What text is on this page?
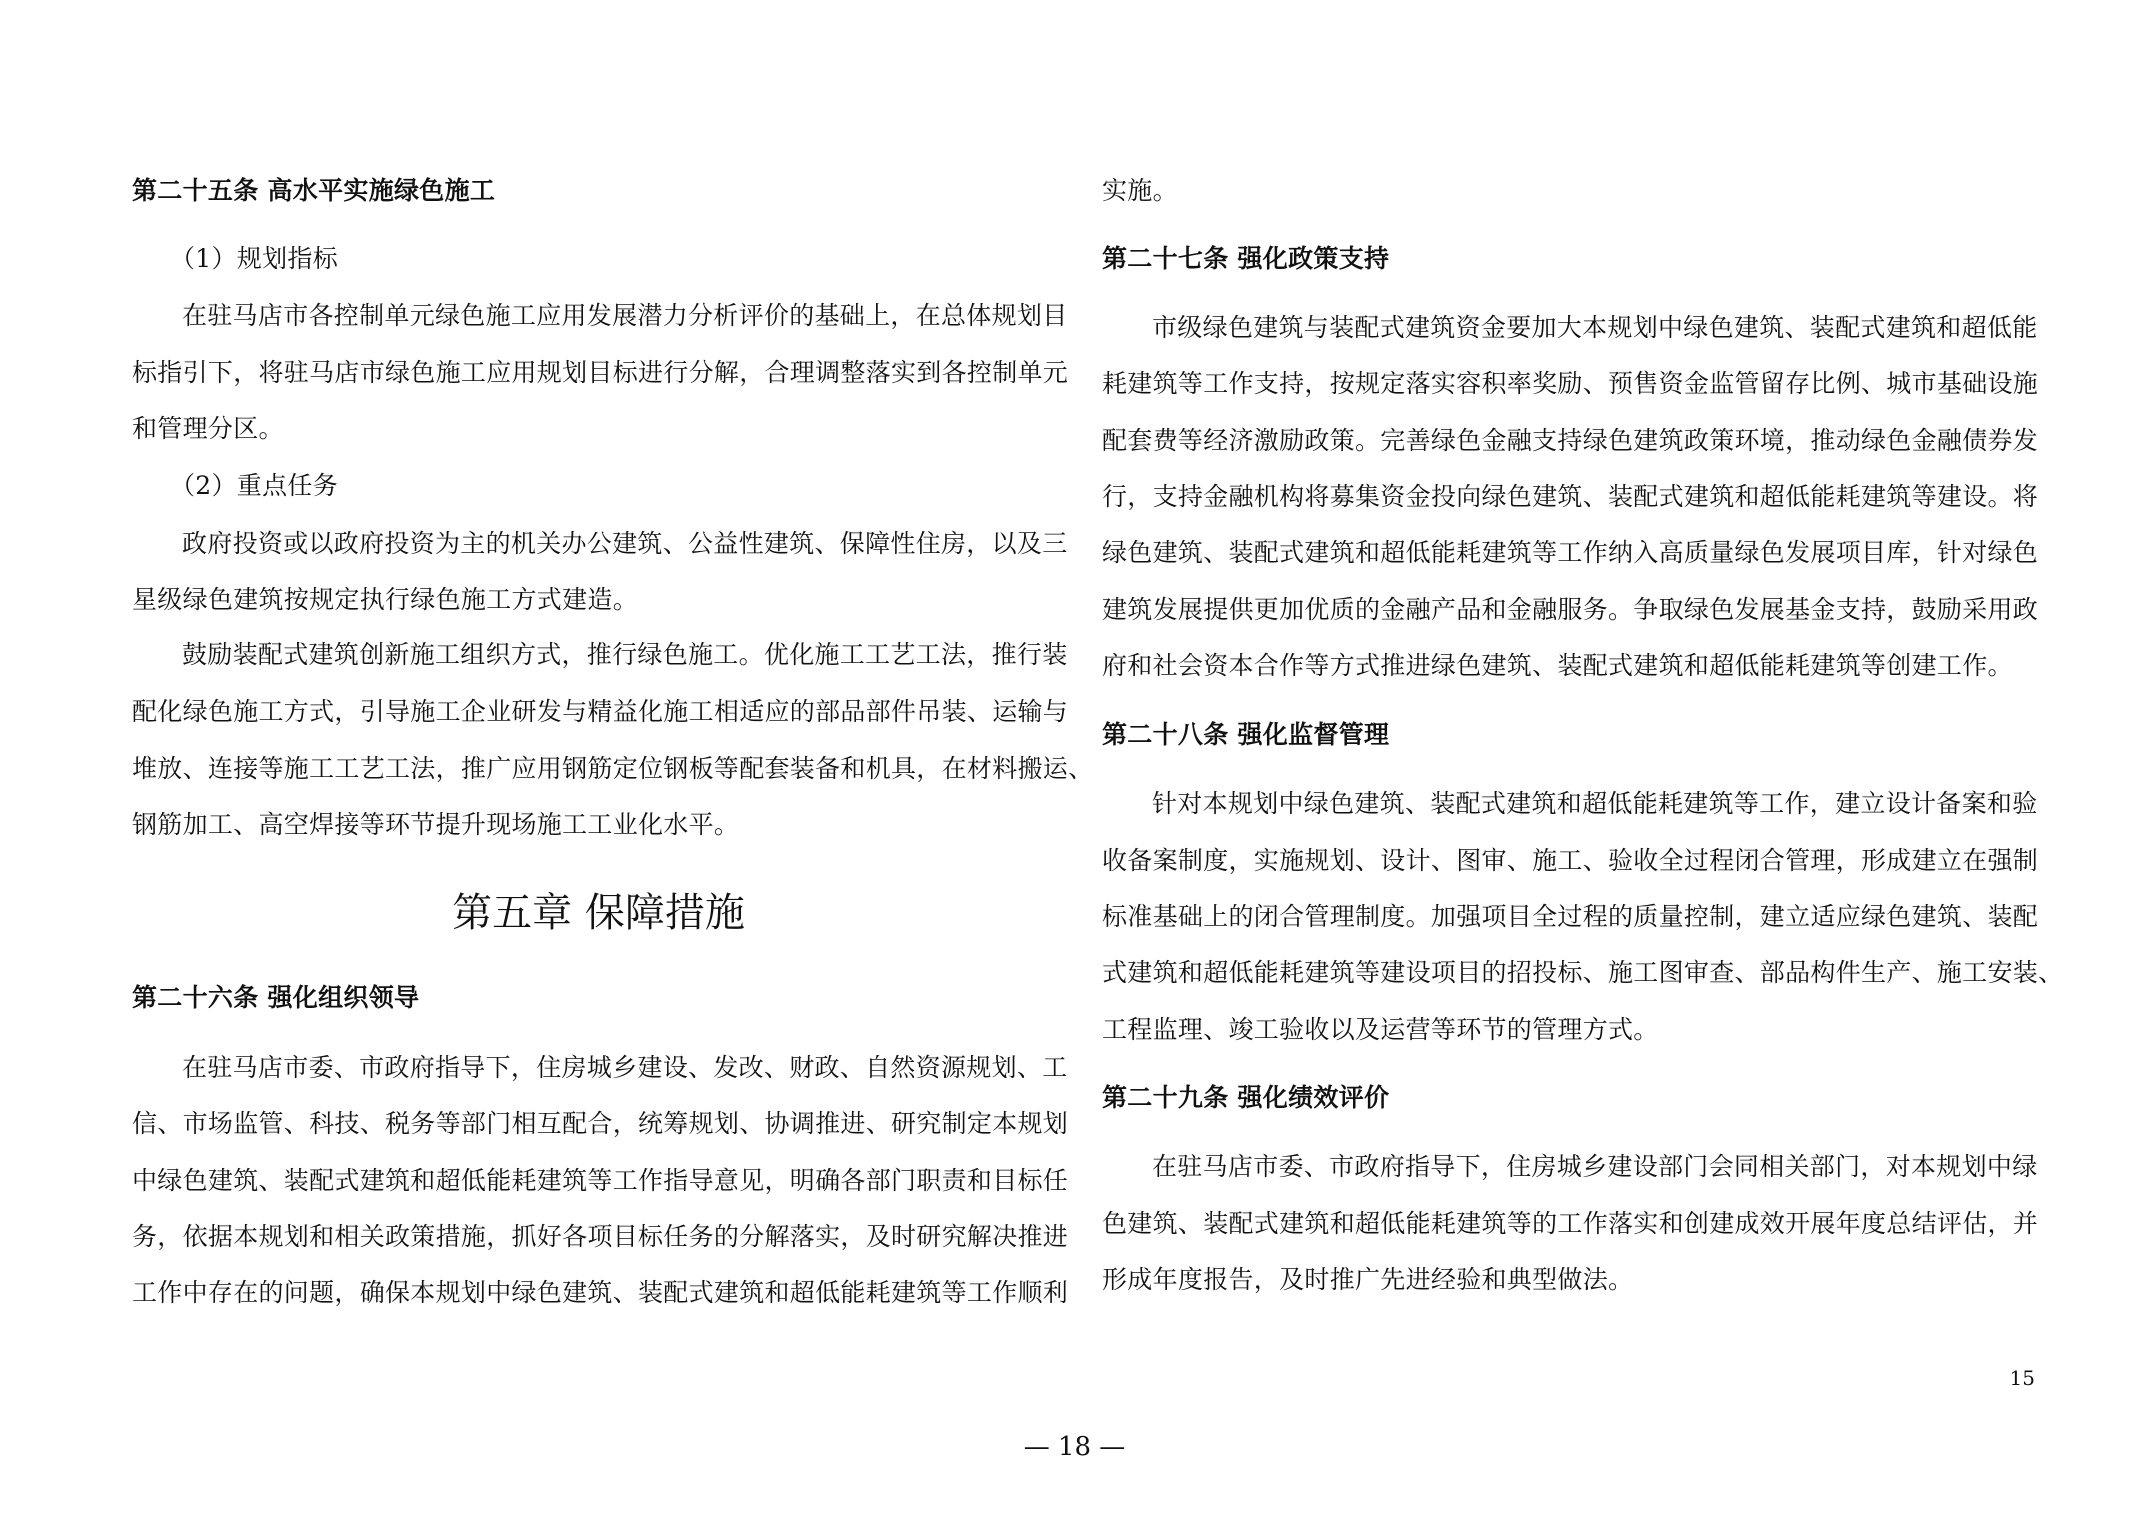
第二十五条 高水平实施绿色施工
（1）规划指标
在驻马店市各控制单元绿色施工应用发展潜力分析评价的基础上，在总体规划目
标指引下，将驻马店市绿色施工应用规划目标进行分解，合理调整落实到各控制单元
和管理分区。
（2）重点任务
政府投资或以政府投资为主的机关办公建筑、公益性建筑、保障性住房，以及三
星级绿色建筑按规定执行绿色施工方式建造。
鼓励装配式建筑创新施工组织方式，推行绿色施工。优化施工工艺工法，推行装
配化绿色施工方式，引导施工企业研发与精益化施工相适应的部品部件吊装、运输与
堆放、连接等施工工艺工法，推广应用钢筋定位钢板等配套装备和机具，在材料搬运、
钢筋加工、高空焊接等环节提升现场施工工业化水平。
第五章 保障措施
第二十六条 强化组织领导
在驻马店市委、市政府指导下，住房城乡建设、发改、财政、自然资源规划、工
信、市场监管、科技、税务等部门相互配合，统筹规划、协调推进、研究制定本规划
中绿色建筑、装配式建筑和超低能耗建筑等工作指导意见，明确各部门职责和目标任
务，依据本规划和相关政策措施，抓好各项目标任务的分解落实，及时研究解决推进
工作中存在的问题，确保本规划中绿色建筑、装配式建筑和超低能耗建筑等工作顺利
实施。
第二十七条 强化政策支持
市级绿色建筑与装配式建筑资金要加大本规划中绿色建筑、装配式建筑和超低能
耗建筑等工作支持，按规定落实容积率奖励、预售资金监管留存比例、城市基础设施
配套费等经济激励政策。完善绿色金融支持绿色建筑政策环境，推动绿色金融债券发
行，支持金融机构将募集资金投向绿色建筑、装配式建筑和超低能耗建筑等建设。将
绿色建筑、装配式建筑和超低能耗建筑等工作纳入高质量绿色发展项目库，针对绿色
建筑发展提供更加优质的金融产品和金融服务。争取绿色发展基金支持，鼓励采用政
府和社会资本合作等方式推进绿色建筑、装配式建筑和超低能耗建筑等创建工作。
第二十八条 强化监督管理
针对本规划中绿色建筑、装配式建筑和超低能耗建筑等工作，建立设计备案和验
收备案制度，实施规划、设计、图审、施工、验收全过程闭合管理，形成建立在强制
标准基础上的闭合管理制度。加强项目全过程的质量控制，建立适应绿色建筑、装配
式建筑和超低能耗建筑等建设项目的招投标、施工图审查、部品构件生产、施工安装、
工程监理、竣工验收以及运营等环节的管理方式。
第二十九条 强化绩效评价
在驻马店市委、市政府指导下，住房城乡建设部门会同相关部门，对本规划中绿
色建筑、装配式建筑和超低能耗建筑等的工作落实和创建成效开展年度总结评估，并
形成年度报告，及时推广先进经验和典型做法。
15
— 18 —
